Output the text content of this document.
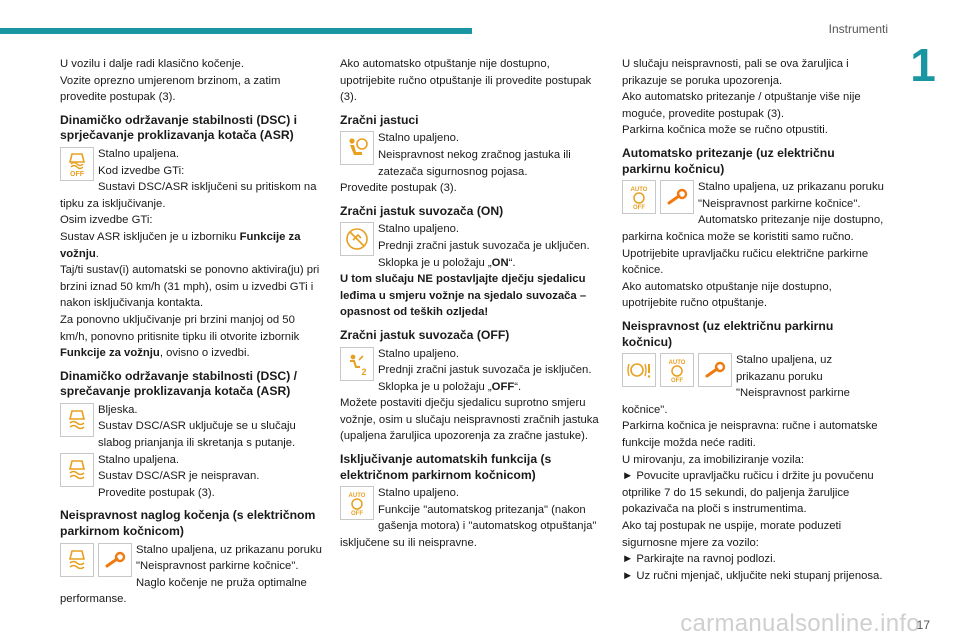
Instrumenti
1

U vozilu i dalje radi klasično kočenje.

Vozite oprezno umjerenom brzinom, a zatim provedite postupak (3).

Dinamičko održavanje stabilnosti (DSC) i sprječavanje proklizavanja kotača (ASR)
OFF

Stalno upaljena.

Kod izvedbe GTi:

Sustavi DSC/ASR isključeni su pritiskom na tipku za isključivanje.

Osim izvedbe GTi:

Sustav ASR isključen je u izborniku Funkcije za vožnju.

Taj/ti sustav(i) automatski se ponovno aktivira(ju) pri brzini iznad 50 km/h (31 mph), osim u izvedbi GTi i nakon isključivanja kontakta.

Za ponovno uključivanje pri brzini manjoj od 50 km/h, ponovno pritisnite tipku ili otvorite izbornik Funkcije za vožnju, ovisno o izvedbi.

Dinamičko održavanje stabilnosti (DSC) / sprečavanje proklizavanja kotača (ASR)

Bljeska.

Sustav DSC/ASR uključuje se u slučaju slabog prianjanja ili skretanja s putanje.

Stalno upaljena.

Sustav DSC/ASR je neispravan.

Provedite postupak (3).

Neispravnost naglog kočenja (s električnom parkirnom kočnicom)

Stalno upaljena, uz prikazanu poruku "Neispravnost parkirne kočnice".

Naglo kočenje ne pruža optimalne performanse.

Ako automatsko otpuštanje nije dostupno, upotrijebite ručno otpuštanje ili provedite postupak (3).

Zračni jastuci

Stalno upaljeno.

Neispravnost nekog zračnog jastuka ili zatezača sigurnosnog pojasa.

Provedite postupak (3).

Zračni jastuk suvozača (ON)

Stalno upaljeno.

Prednji zračni jastuk suvozača je uključen.

Sklopka je u položaju „ON“.

U tom slučaju NE postavljajte dječju sjedalicu leđima u smjeru vožnje na sjedalo suvozača – opasnost od teških ozljeda!

Zračni jastuk suvozača (OFF)
2

Stalno upaljeno.

Prednji zračni jastuk suvozača je isključen.

Sklopka je u položaju „OFF“.

Možete postaviti dječju sjedalicu suprotno smjeru vožnje, osim u slučaju neispravnosti zračnih jastuka (upaljena žaruljica upozorenja za zračne jastuke).

Isključivanje automatskih funkcija (s električnom parkirnom kočnicom)
AUTO
OFF

Stalno upaljeno.

Funkcije "automatskog pritezanja" (nakon gašenja motora) i "automatskog otpuštanja" isključene su ili neispravne.

U slučaju neispravnosti, pali se ova žaruljica i prikazuje se poruka upozorenja.

Ako automatsko pritezanje / otpuštanje više nije moguće, provedite postupak (3).

Parkirna kočnica može se ručno otpustiti.

Automatsko pritezanje (uz električnu parkirnu kočnicu)
AUTO
OFF

Stalno upaljena, uz prikazanu poruku "Neispravnost parkirne kočnice".

Automatsko pritezanje nije dostupno, parkirna kočnica može se koristiti samo ručno.

Upotrijebite upravljačku ručicu električne parkirne kočnice.

Ako automatsko otpuštanje nije dostupno, upotrijebite ručno otpuštanje.

Neispravnost (uz električnu parkirnu kočnicu)
AUTO
OFF

Stalno upaljena, uz prikazanu poruku "Neispravnost parkirne kočnice".

Parkirna kočnica je neispravna: ručne i automatske funkcije možda neće raditi.

U mirovanju, za imobiliziranje vozila:

► Povucite upravljačku ručicu i držite ju povučenu otprilike 7 do 15 sekundi, do paljenja žaruljice pokazivača na ploči s instrumentima.

Ako taj postupak ne uspije, morate poduzeti sigurnosne mjere za vozilo:

► Parkirajte na ravnoj podlozi.

► Uz ručni mjenjač, uključite neki stupanj prijenosa.

carmanualsonline.info
17
